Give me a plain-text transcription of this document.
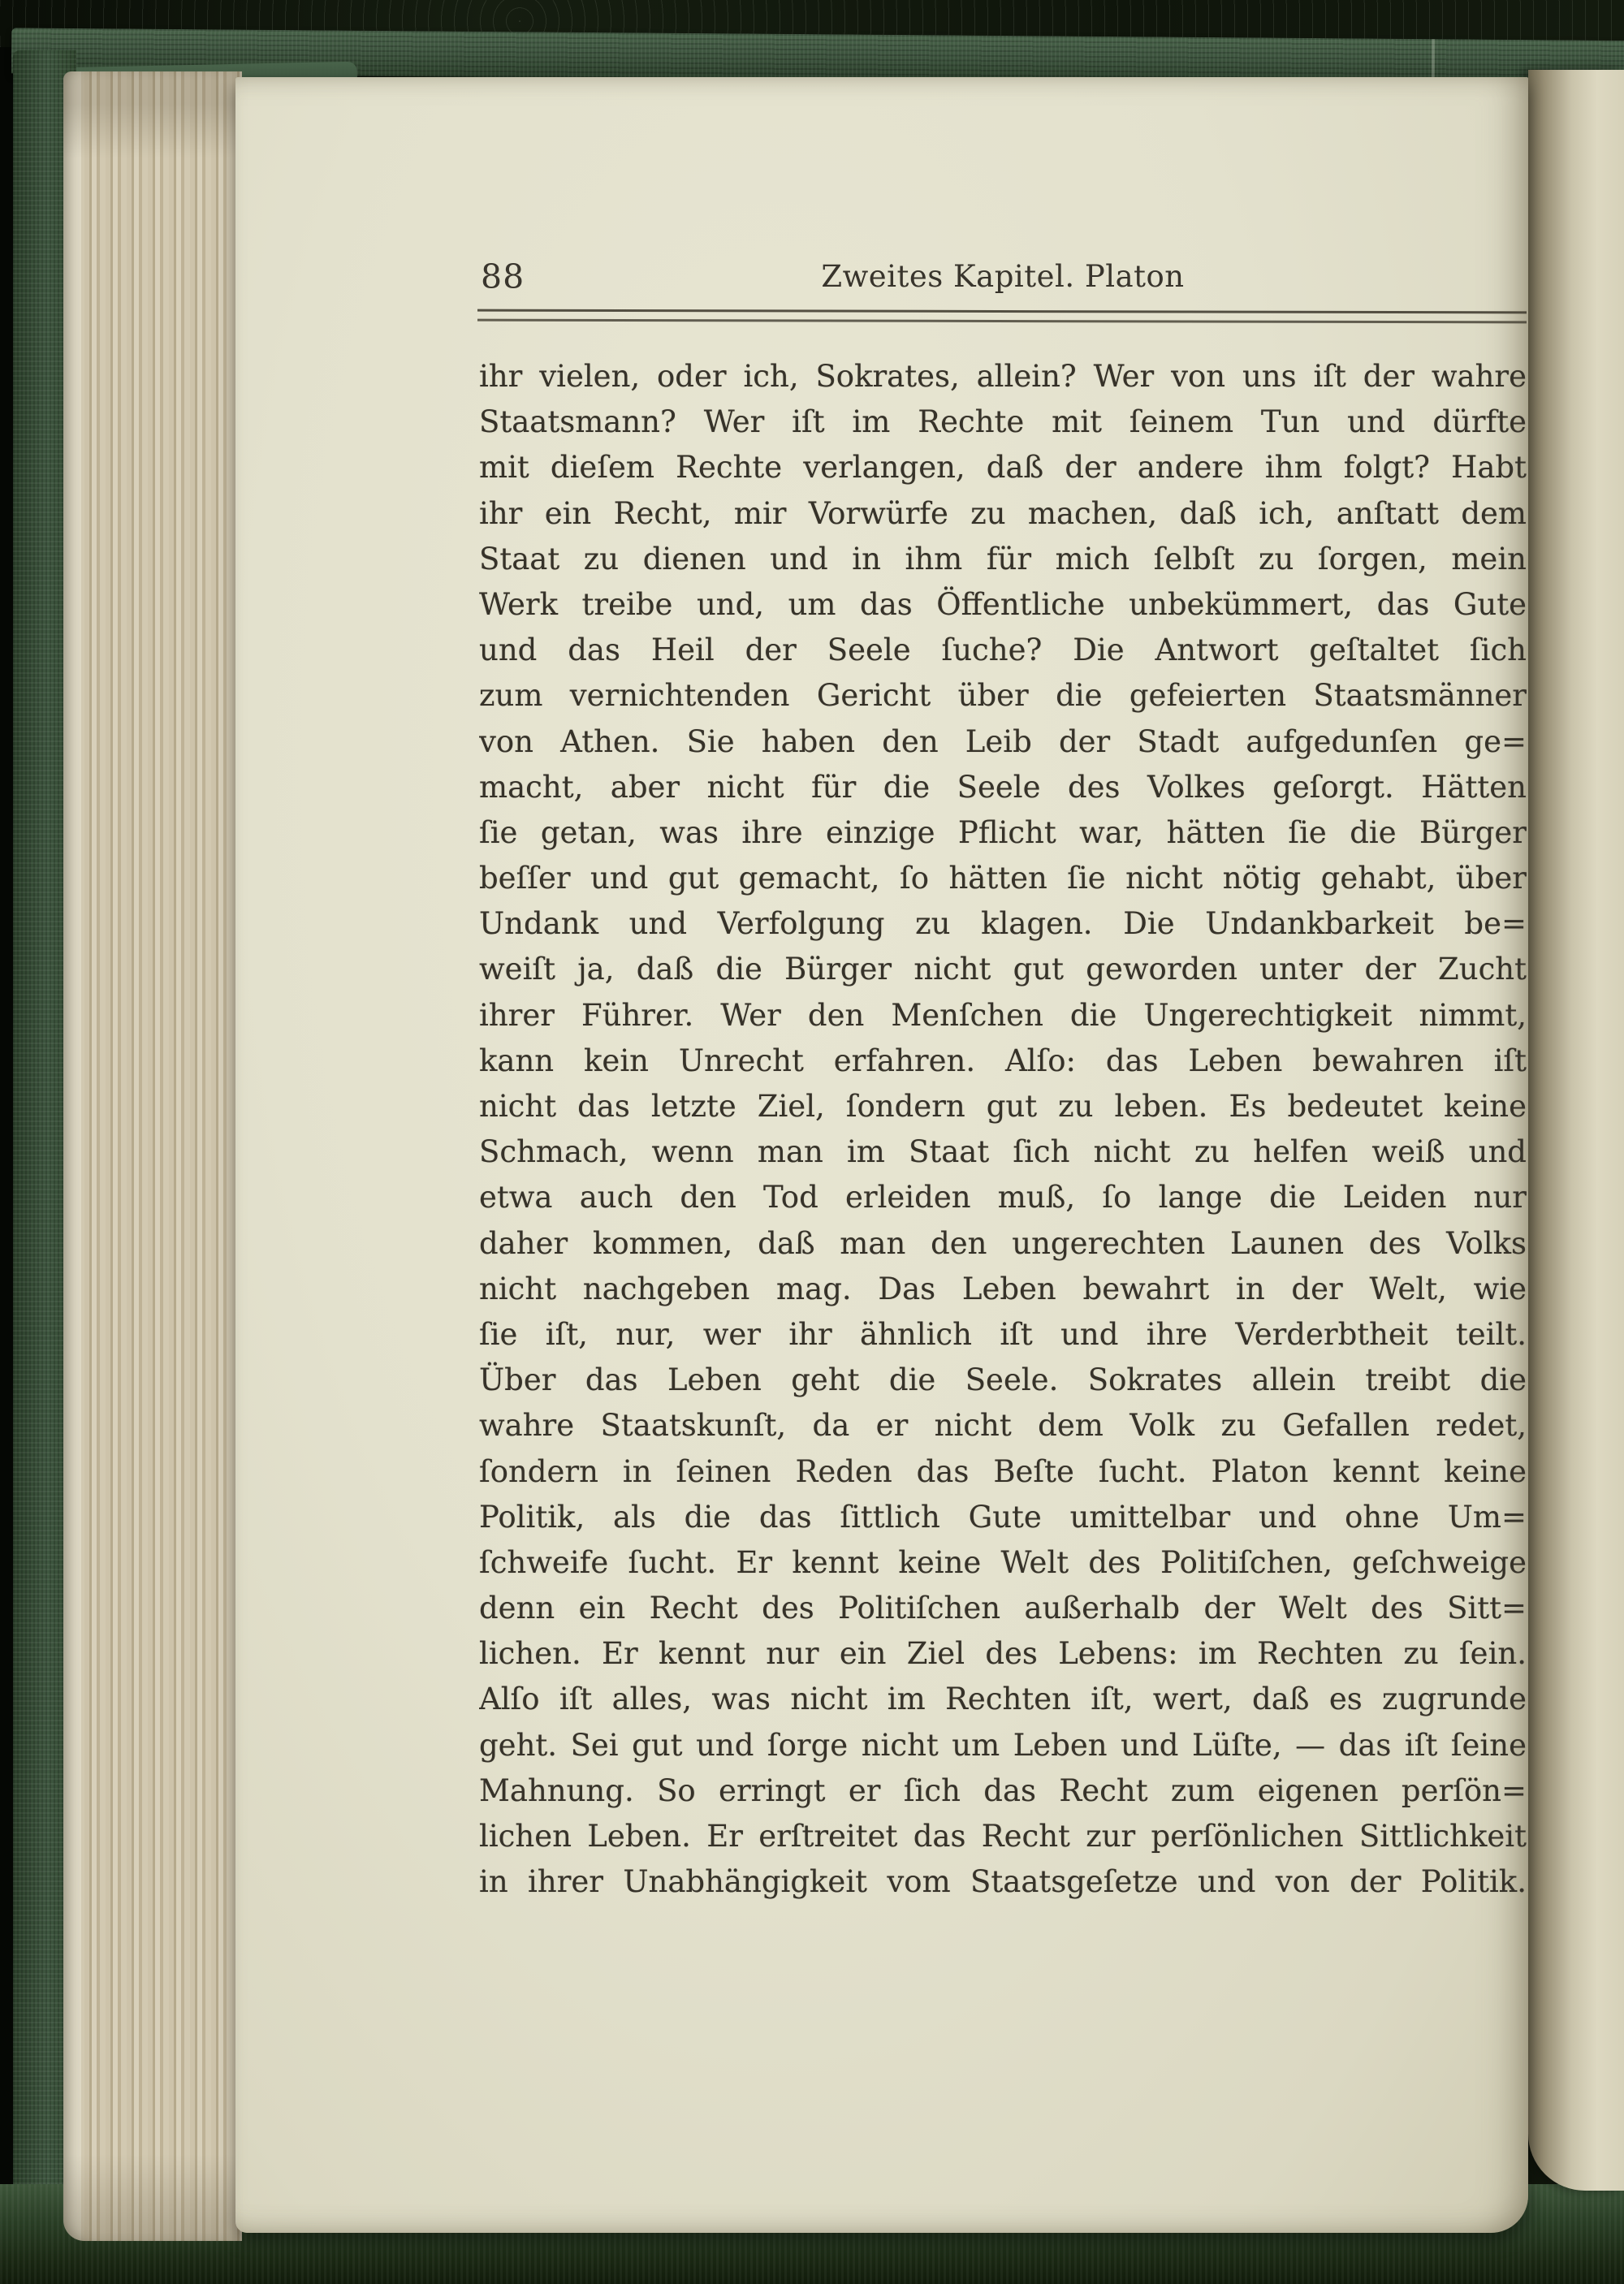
88	Zweites Kapitel. Platon
ihr vielen, oder ich, Sokrates, allein? Wer von uns iſt der wahre
Staatsmann? Wer iſt im Rechte mit ſeinem Tun und dürfte
mit dieſem Rechte verlangen, daß der andere ihm folgt? Habt
ihr ein Recht, mir Vorwürfe zu machen, daß ich, anſtatt dem
Staat zu dienen und in ihm für mich ſelbſt zu ſorgen, mein
Werk treibe und, um das Öffentliche unbekümmert, das Gute
und das Heil der Seele ſuche? Die Antwort geſtaltet ſich
zum vernichtenden Gericht über die gefeierten Staatsmänner
von Athen. Sie haben den Leib der Stadt aufgedunſen ge=
macht, aber nicht für die Seele des Volkes geſorgt. Hätten
ſie getan, was ihre einzige Pflicht war, hätten ſie die Bürger
beſſer und gut gemacht, ſo hätten ſie nicht nötig gehabt, über
Undank und Verfolgung zu klagen. Die Undankbarkeit be=
weiſt ja, daß die Bürger nicht gut geworden unter der Zucht
ihrer Führer. Wer den Menſchen die Ungerechtigkeit nimmt,
kann kein Unrecht erfahren. Alſo: das Leben bewahren iſt
nicht das letzte Ziel, ſondern gut zu leben. Es bedeutet keine
Schmach, wenn man im Staat ſich nicht zu helfen weiß und
etwa auch den Tod erleiden muß, ſo lange die Leiden nur
daher kommen, daß man den ungerechten Launen des Volks
nicht nachgeben mag. Das Leben bewahrt in der Welt, wie
ſie iſt, nur, wer ihr ähnlich iſt und ihre Verderbtheit teilt.
Über das Leben geht die Seele. Sokrates allein treibt die
wahre Staatskunſt, da er nicht dem Volk zu Gefallen redet,
ſondern in ſeinen Reden das Beſte ſucht. Platon kennt keine
Politik, als die das ſittlich Gute umittelbar und ohne Um=
ſchweife ſucht. Er kennt keine Welt des Politiſchen, geſchweige
denn ein Recht des Politiſchen außerhalb der Welt des Sitt=
lichen. Er kennt nur ein Ziel des Lebens: im Rechten zu ſein.
Alſo iſt alles, was nicht im Rechten iſt, wert, daß es zugrunde
geht. Sei gut und ſorge nicht um Leben und Lüſte, — das iſt ſeine
Mahnung. So erringt er ſich das Recht zum eigenen perſön=
lichen Leben. Er erſtreitet das Recht zur perſönlichen Sittlichkeit
in ihrer Unabhängigkeit vom Staatsgeſetze und von der Politik.
